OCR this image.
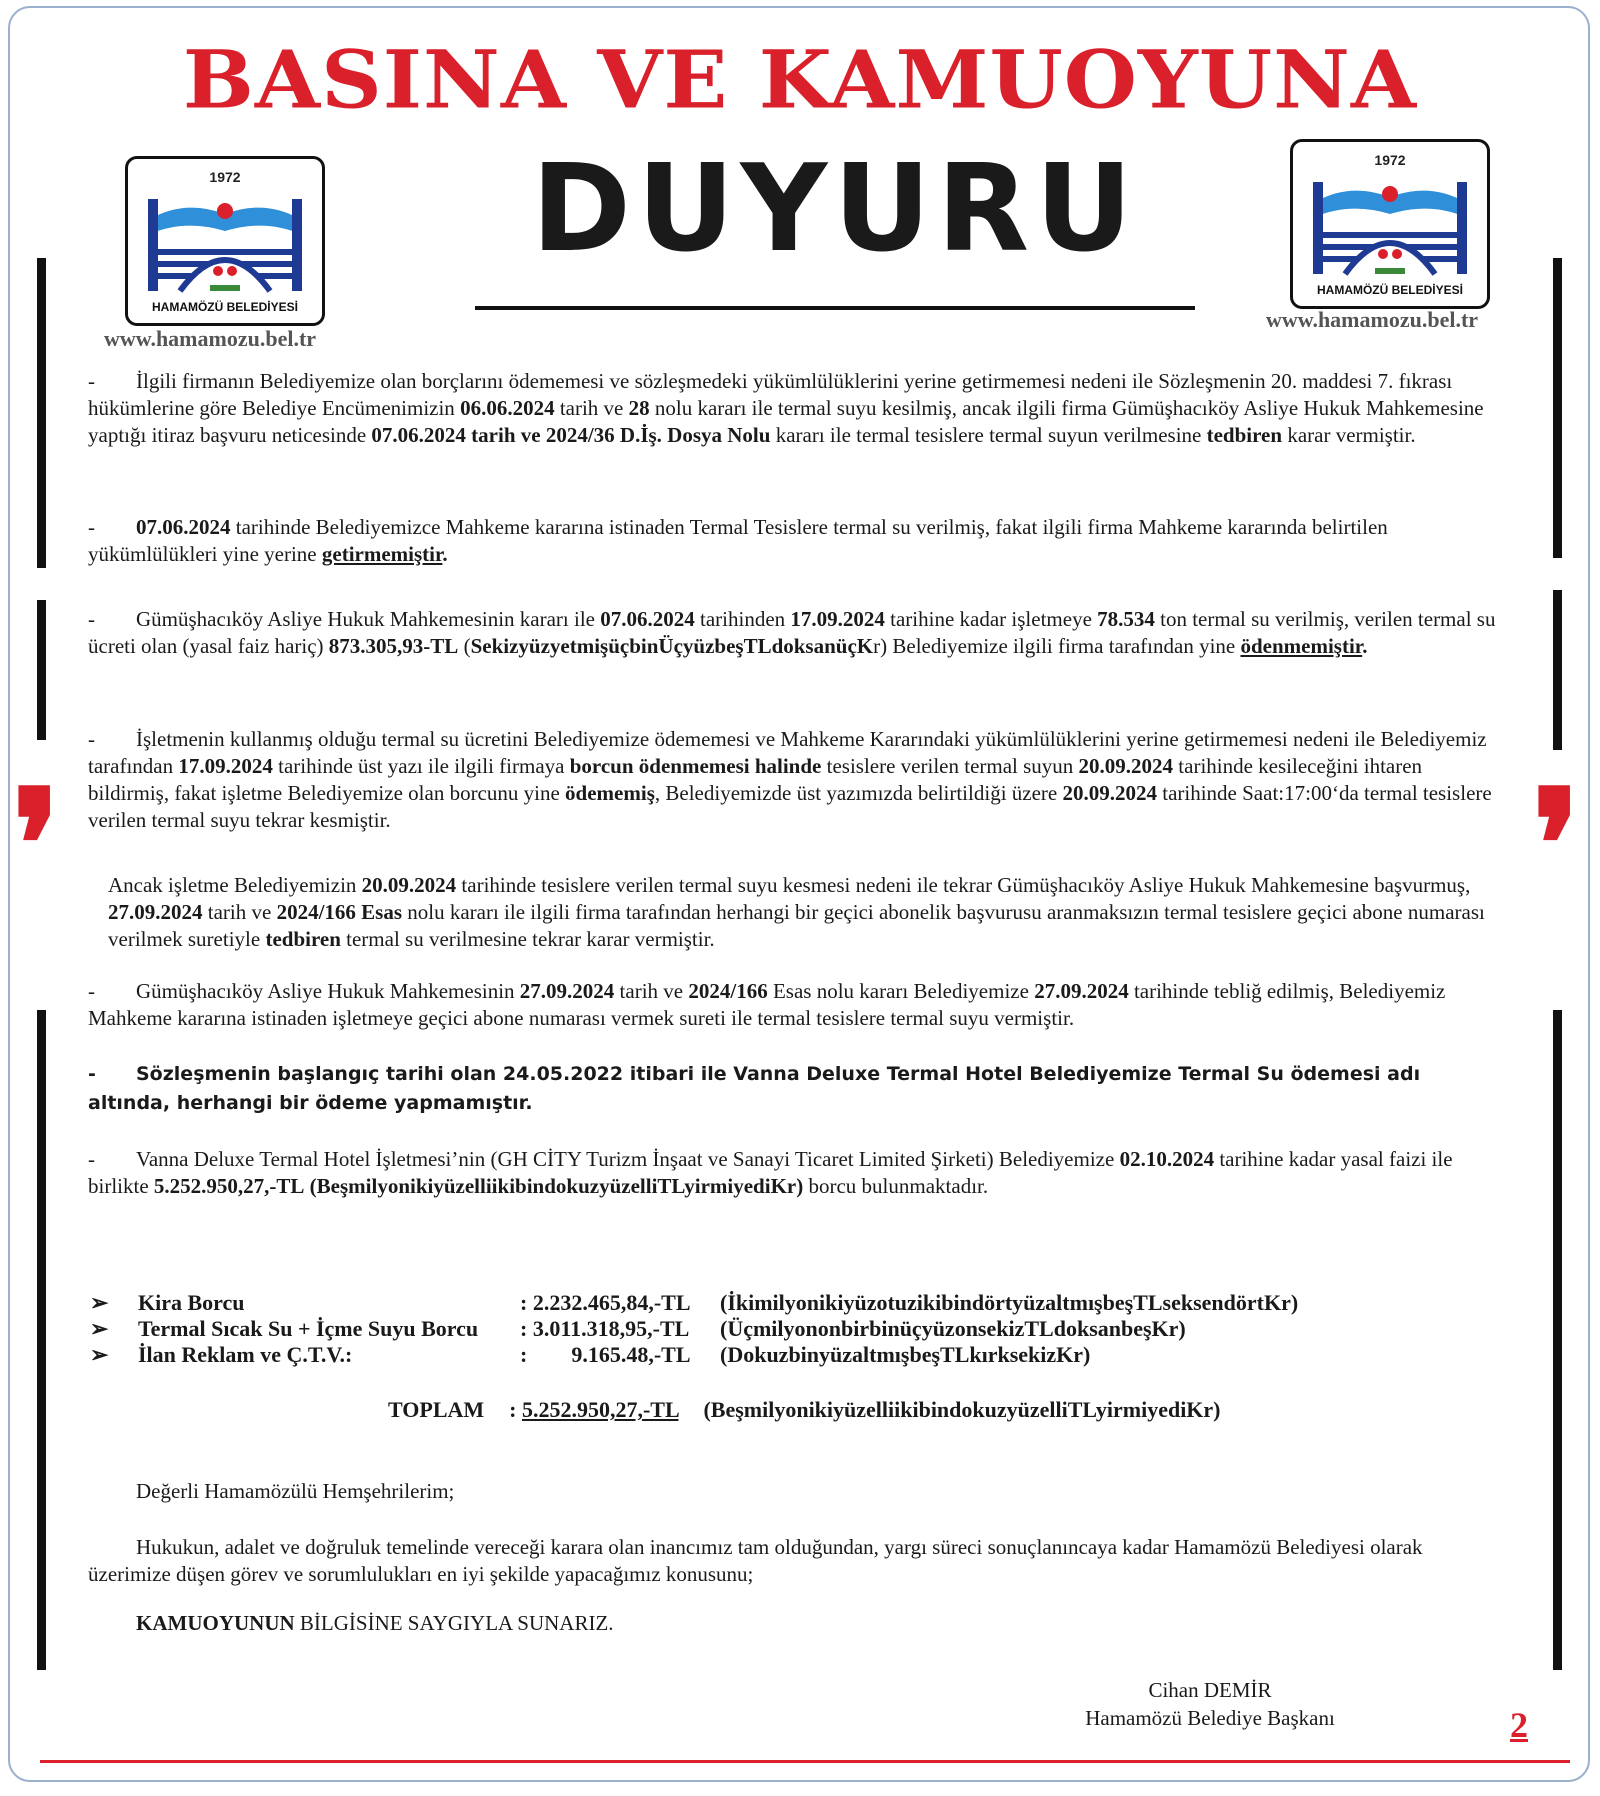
BASINA VE KAMUOYUNA
DUYURU
1972
HAMAMÖZÜ BELEDİYESİ
1972
HAMAMÖZÜ BELEDİYESİ
www.hamamozu.bel.tr
www.hamamozu.bel.tr
❜	❜
- İlgili firmanın Belediyemize olan borçlarını ödememesi ve sözleşmedeki yükümlülüklerini yerine getirmemesi nedeni ile Sözleşmenin 20. maddesi 7. fıkrası hükümlerine göre Belediye Encümenimizin 06.06.2024 tarih ve 28 nolu kararı ile termal suyu kesilmiş, ancak ilgili firma Gümüşhacıköy Asliye Hukuk Mahkemesine yaptığı itiraz başvuru neticesinde 07.06.2024 tarih ve 2024/36 D.İş. Dosya Nolu kararı ile termal tesislere termal suyun verilmesine tedbiren karar vermiştir.
- 07.06.2024 tarihinde Belediyemizce Mahkeme kararına istinaden Termal Tesislere termal su verilmiş, fakat ilgili firma Mahkeme kararında belirtilen yükümlülükleri yine yerine getirmemiştir.
- Gümüşhacıköy Asliye Hukuk Mahkemesinin kararı ile 07.06.2024 tarihinden 17.09.2024 tarihine kadar işletmeye 78.534 ton termal su verilmiş, verilen termal su ücreti olan (yasal faiz hariç) 873.305,93-TL (SekizyüzyetmişüçbinÜçyüzbeşTLdoksanüçKr) Belediyemize ilgili firma tarafından yine ödenmemiştir.
- İşletmenin kullanmış olduğu termal su ücretini Belediyemize ödememesi ve Mahkeme Kararındaki yükümlülüklerini yerine getirmemesi nedeni ile Belediyemiz tarafından 17.09.2024 tarihinde üst yazı ile ilgili firmaya borcun ödenmemesi halinde tesislere verilen termal suyun 20.09.2024 tarihinde kesileceğini ihtaren bildirmiş, fakat işletme Belediyemize olan borcunu yine ödememiş, Belediyemizde üst yazımızda belirtildiği üzere 20.09.2024 tarihinde Saat:17:00‘da termal tesislere verilen termal suyu tekrar kesmiştir.
Ancak işletme Belediyemizin 20.09.2024 tarihinde tesislere verilen termal suyu kesmesi nedeni ile tekrar Gümüşhacıköy Asliye Hukuk Mahkemesine başvurmuş, 27.09.2024 tarih ve 2024/166 Esas nolu kararı ile ilgili firma tarafından herhangi bir geçici abonelik başvurusu aranmaksızın termal tesislere geçici abone numarası verilmek suretiyle tedbiren termal su verilmesine tekrar karar vermiştir.
- Gümüşhacıköy Asliye Hukuk Mahkemesinin 27.09.2024 tarih ve 2024/166 Esas nolu kararı Belediyemize 27.09.2024 tarihinde tebliğ edilmiş, Belediyemiz Mahkeme kararına istinaden işletmeye geçici abone numarası vermek sureti ile termal tesislere termal suyu vermiştir.
- Sözleşmenin başlangıç tarihi olan 24.05.2022 itibari ile Vanna Deluxe Termal Hotel Belediyemize Termal Su ödemesi adı altında, herhangi bir ödeme yapmamıştır.
- Vanna Deluxe Termal Hotel İşletmesi’nin (GH CİTY Turizm İnşaat ve Sanayi Ticaret Limited Şirketi) Belediyemize 02.10.2024 tarihine kadar yasal faizi ile birlikte 5.252.950,27,-TL (BeşmilyonikiyüzelliikibindokuzyüzelliTLyirmiyediKr) borcu bulunmaktadır.
➢ Kira Borcu	: 2.232.465,84,-TL (İkimilyonikiyüzotuzikibindörtyüzaltmışbeşTLseksendörtKr)
➢ Termal Sıcak Su + İçme Suyu Borcu : 3.011.318,95,-TL (ÜçmilyononbirbinüçyüzonsekizTLdoksanbeşKr)
➢ İlan Reklam ve Ç.T.V.:	:        9.165.48,-TL (DokuzbinyüzaltmışbeşTLkırksekizKr)
TOPLAM : 5.252.950,27,-TL (BeşmilyonikiyüzelliikibindokuzyüzelliTLyirmiyediKr)
Değerli Hamamözülü Hemşehrilerim;
Hukukun, adalet ve doğruluk temelinde vereceği karara olan inancımız tam olduğundan, yargı süreci sonuçlanıncaya kadar Hamamözü Belediyesi olarak üzerimize düşen görev ve sorumlulukları en iyi şekilde yapacağımız konusunu;
KAMUOYUNUN BİLGİSİNE SAYGIYLA SUNARIZ.
Cihan DEMİR
Hamamözü Belediye Başkanı	2
